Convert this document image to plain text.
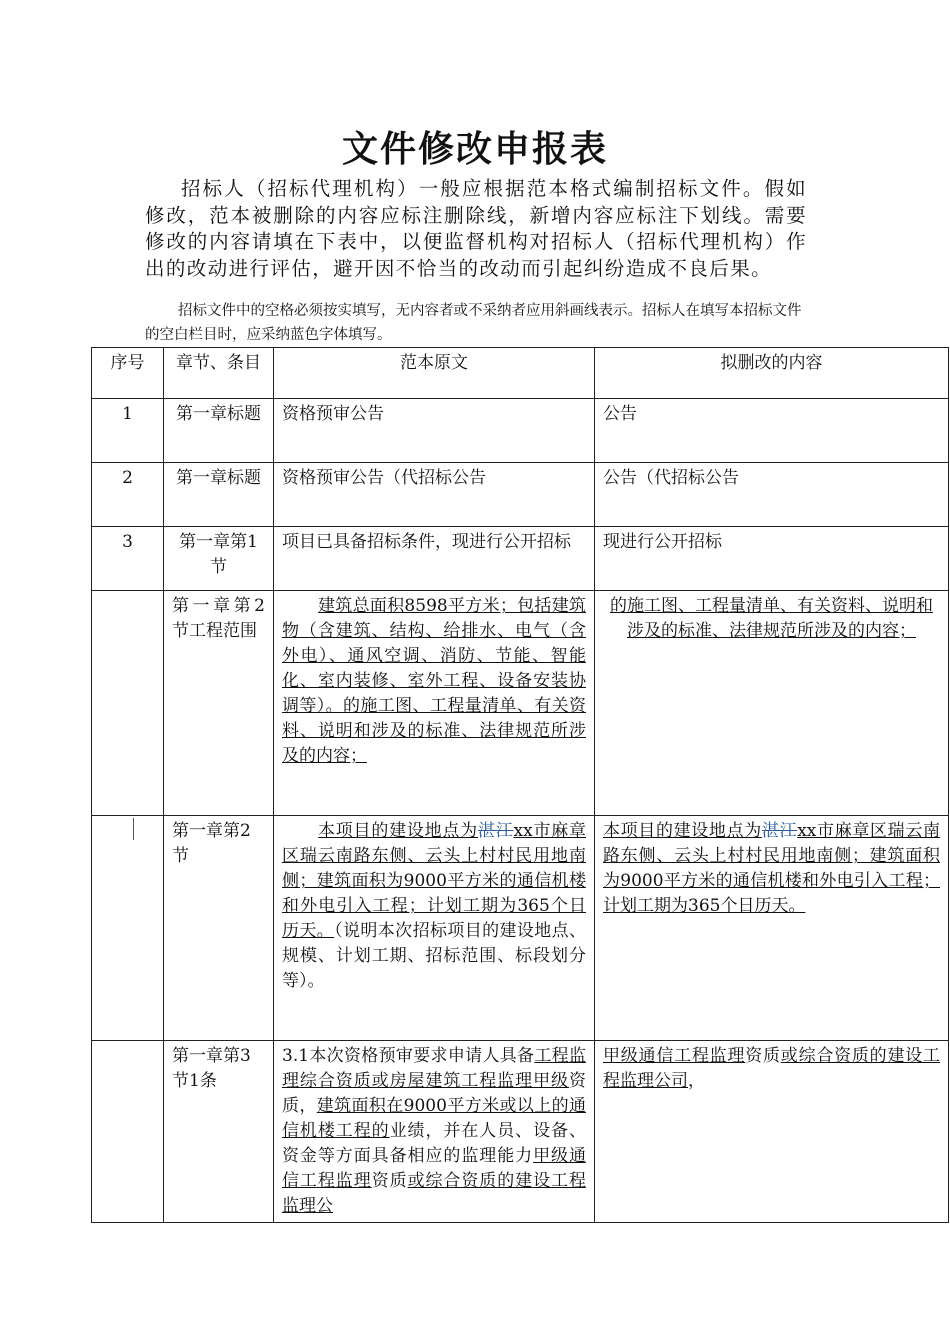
文件修改申报表

招标人（招标代理机构）一般应根据范本格式编制招标文件。假如修改，范本被删除的内容应标注删除线，新增内容应标注下划线。需要修改的内容请填在下表中，以便监督机构对招标人（招标代理机构）作出的改动进行评估，避开因不恰当的改动而引起纠纷造成不良后果。

招标文件中的空格必须按实填写，无内容者或不采纳者应用斜画线表示。招标人在填写本招标文件的空白栏目时，应采纳蓝色字体填写。

序号	章节、条目	范本原文	拟删改的内容
1	第一章标题	资格预审公告	公告
2	第一章标题	资格预审公告（代招标公告	公告（代招标公告
3	第一章第1节	项目已具备招标条件，现进行公开招标	现进行公开招标
	第一章第2节工程范围	建筑总面积8598平方米；包括建筑物（含建筑、结构、给排水、电气（含外电）、通风空调、消防、节能、智能化、室内装修、室外工程、设备安装协调等）。的施工图、工程量清单、有关资料、说明和涉及的标准、法律规范所涉及的内容；	的施工图、工程量清单、有关资料、说明和涉及的标准、法律规范所涉及的内容；
	第一章第2节	本项目的建设地点为湛江xx市麻章区瑞云南路东侧、云头上村村民用地南侧；建筑面积为9000平方米的通信机楼和外电引入工程；计划工期为365个日历天。（说明本次招标项目的建设地点、规模、计划工期、招标范围、标段划分等）。	本项目的建设地点为湛江xx市麻章区瑞云南路东侧、云头上村村民用地南侧；建筑面积为9000平方米的通信机楼和外电引入工程；计划工期为365个日历天。
	第一章第3节1条	3.1本次资格预审要求申请人具备工程监理综合资质或房屋建筑工程监理甲级资质，建筑面积在9000平方米或以上的通信机楼工程的业绩，并在人员、设备、资金等方面具备相应的监理能力甲级通信工程监理资质或综合资质的建设工程监理公	甲级通信工程监理资质或综合资质的建设工程监理公司，
